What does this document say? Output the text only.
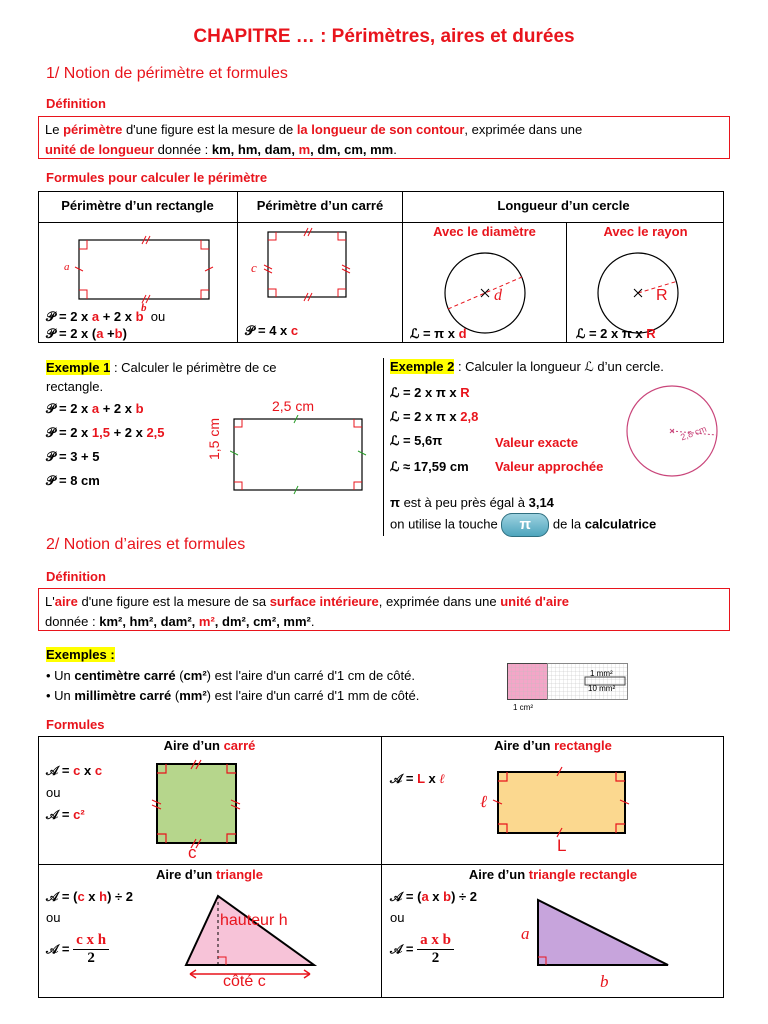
CHAPITRE … : Périmètres, aires et durées
1/ Notion de périmètre et formules
Définition
Le périmètre d'une figure est la mesure de la longueur de son contour, exprimée dans une
unité de longueur donnée : km, hm, dam, m, dm, cm, mm.
Formules pour calculer le périmètre
Périmètre d’un rectangle	Périmètre d’un carré	Longueur d’un cercle
Avec le diamètre	Avec le rayon
a
b
𝒫 = 2 x a + 2 x b  ou
𝒫 = 2 x (a +b)
c
𝒫 = 4 x c
d
ℒ = π x d
R
ℒ = 2 x π x R
Exemple 1 : Calculer le périmètre de ce
rectangle.
𝒫 = 2 x a + 2 x b
𝒫 = 2 x 1,5 + 2 x 2,5
𝒫 = 3 + 5
𝒫 = 8 cm
2,5 cm
1,5 cm
Exemple 2 : Calculer la longueur ℒ d’un cercle.
ℒ = 2 x π x R
ℒ = 2 x π x 2,8
ℒ = 5,6π	Valeur exacte
ℒ ≈ 17,59 cm Valeur approchée
2,8 cm
π est à peu près égal à 3,14
on utilise la touche π de la calculatrice
2/ Notion d’aires et formules
Définition
L'aire d'une figure est la mesure de sa surface intérieure, exprimée dans une unité d'aire
donnée : km², hm², dam², m², dm², cm², mm².
Exemples :
• Un centimètre carré (cm²) est l'aire d'un carré d'1 cm de côté.
• Un millimètre carré (mm²) est l'aire d'un carré d'1 mm de côté.
1 mm²
10 mm²
1 cm²
Formules
Aire d’un carré
𝒜 = c x c
ou
𝒜 = c²
c
Aire d’un rectangle
𝒜 = L x ℓ
ℓ
L
Aire d’un triangle
𝒜 = (c x h) ÷ 2
ou
𝒜 = $\frac{\text{c x h}}{2}$
hauteur h
côté c
Aire d’un triangle rectangle
𝒜 = (a x b) ÷ 2
ou
𝒜 = $\frac{\text{a x b}}{2}$	a
b
